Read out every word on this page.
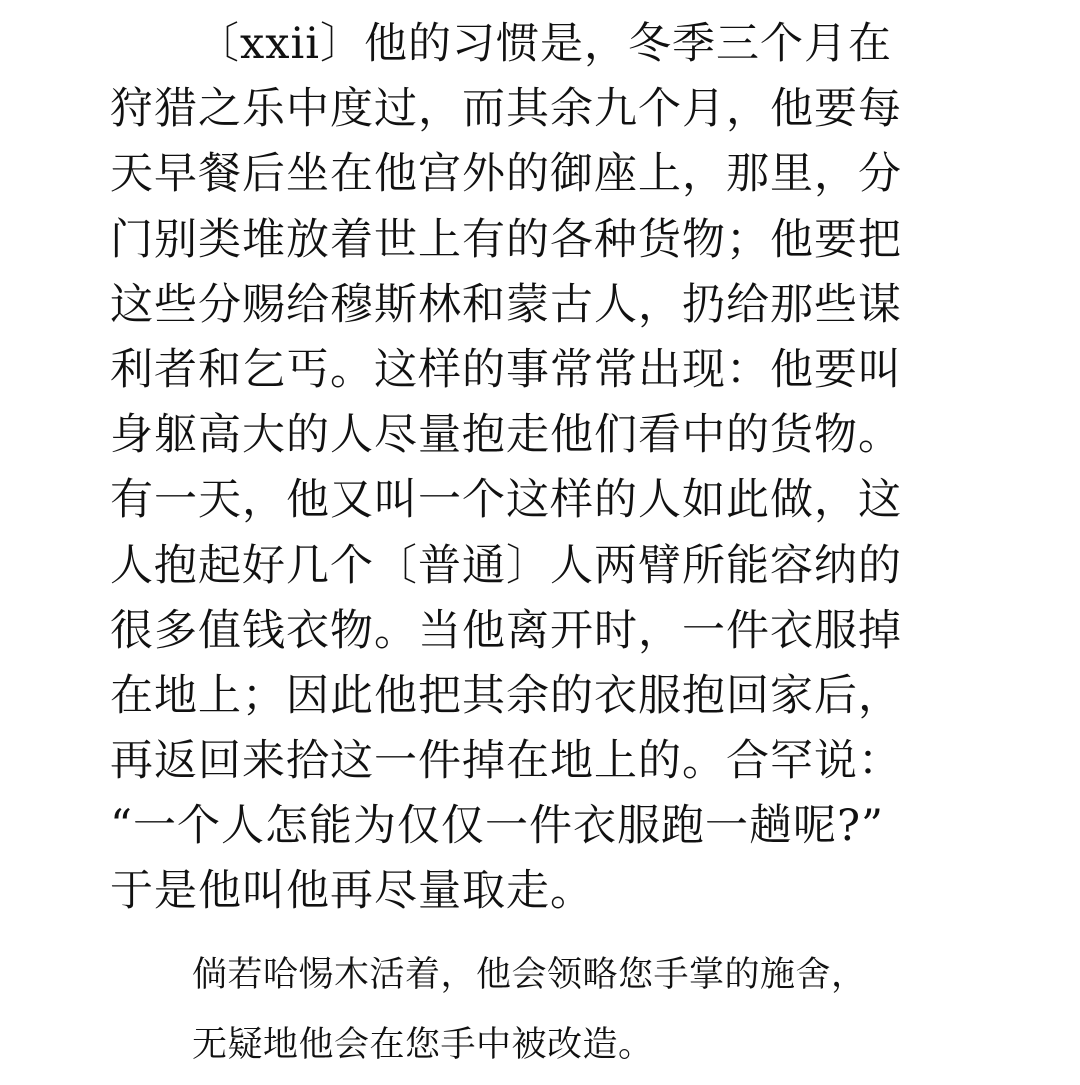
〔xxii〕他的习惯是，冬季三个月在
狩猎之乐中度过，而其余九个月，他要每
天早餐后坐在他宫外的御座上，那里，分
门别类堆放着世上有的各种货物；他要把
这些分赐给穆斯林和蒙古人，扔给那些谋
利者和乞丐。这样的事常常出现：他要叫
身躯高大的人尽量抱走他们看中的货物。
有一天，他又叫一个这样的人如此做，这
人抱起好几个〔普通〕人两臂所能容纳的
很多值钱衣物。当他离开时，一件衣服掉
在地上；因此他把其余的衣服抱回家后，
再返回来拾这一件掉在地上的。合罕说：
“一个人怎能为仅仅一件衣服跑一趟呢?”
于是他叫他再尽量取走。
倘若哈惕木活着，他会领略您手掌的施舍，
无疑地他会在您手中被改造。
